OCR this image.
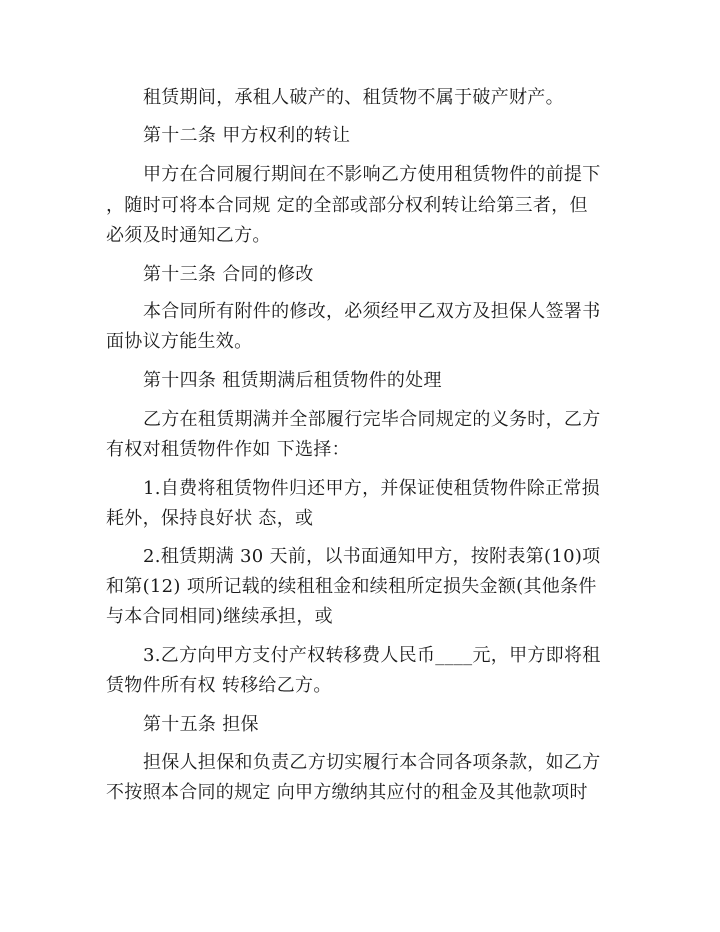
租赁期间，承租人破产的、租赁物不属于破产财产。
第十二条 甲方权利的转让
甲方在合同履行期间在不影响乙方使用租赁物件的前提下
，随时可将本合同规 定的全部或部分权利转让给第三者，但
必须及时通知乙方。
第十三条 合同的修改
本合同所有附件的修改，必须经甲乙双方及担保人签署书
面协议方能生效。
第十四条 租赁期满后租赁物件的处理
乙方在租赁期满并全部履行完毕合同规定的义务时，乙方
有权对租赁物件作如 下选择：
1.自费将租赁物件归还甲方，并保证使租赁物件除正常损
耗外，保持良好状 态，或
2.租赁期满 30 天前，以书面通知甲方，按附表第(10)项
和第(12) 项所记载的续租租金和续租所定损失金额(其他条件
与本合同相同)继续承担，或
3.乙方向甲方支付产权转移费人民币____元，甲方即将租
赁物件所有权 转移给乙方。
第十五条 担保
担保人担保和负责乙方切实履行本合同各项条款，如乙方
不按照本合同的规定 向甲方缴纳其应付的租金及其他款项时
